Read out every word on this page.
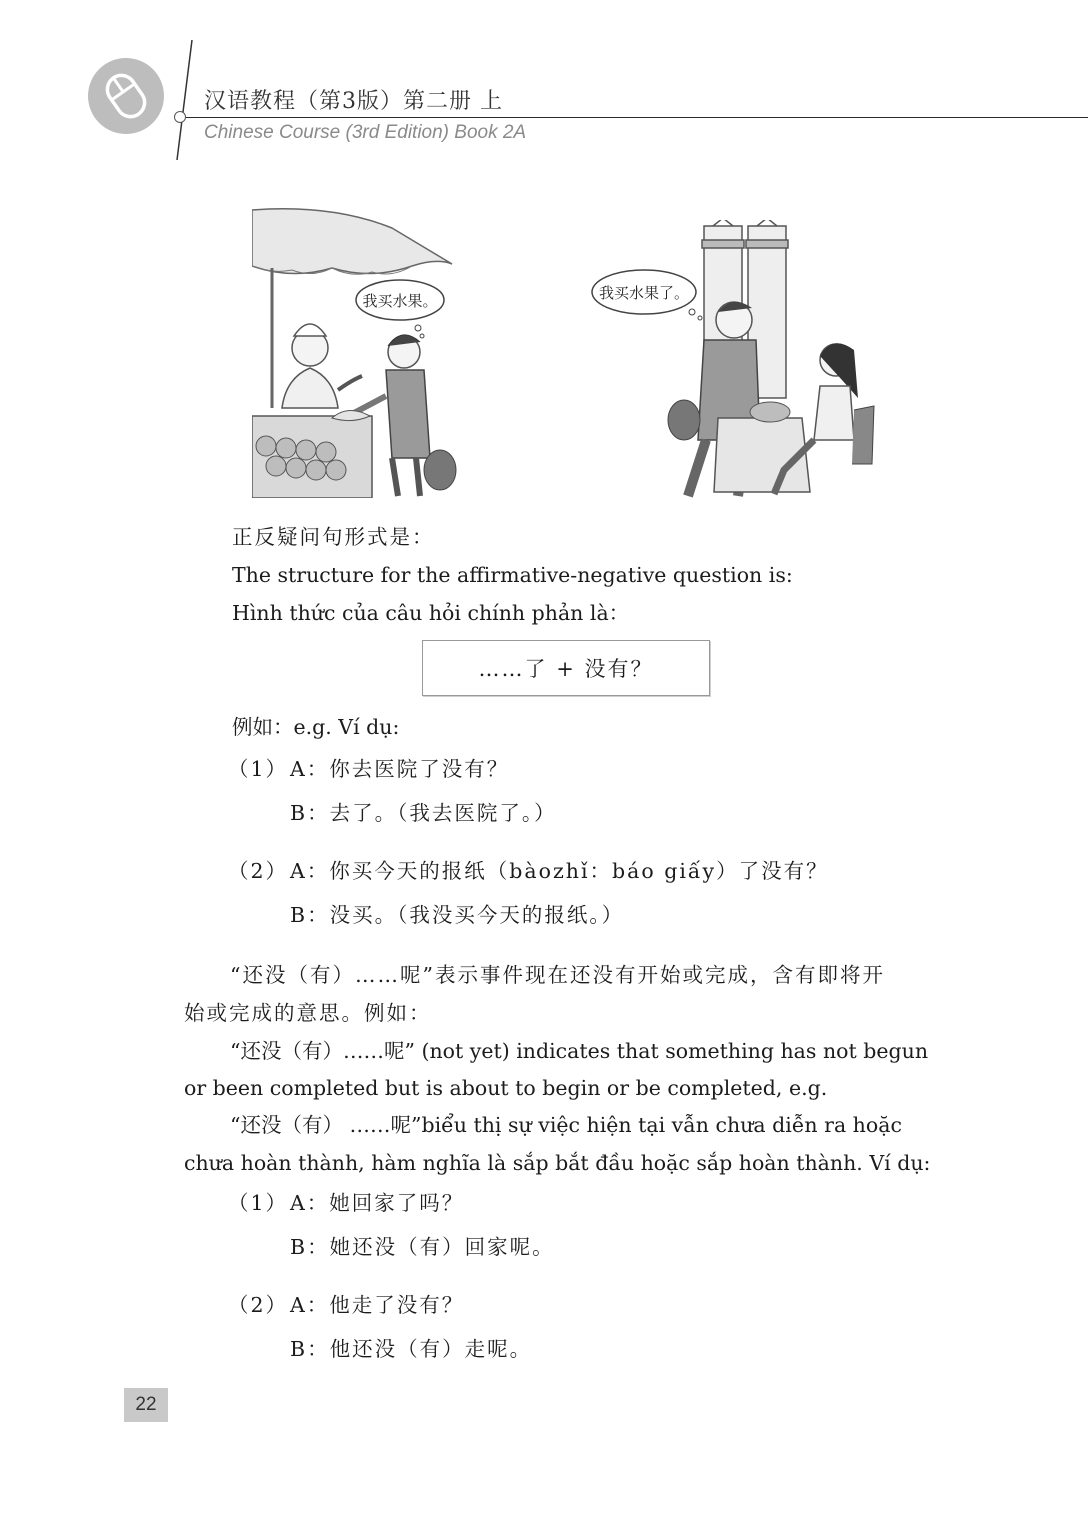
汉语教程（第3版）第二册 上
Chinese Course (3rd Edition) Book 2A
我买水果。	我买水果了。
正反疑问句形式是：
The structure for the affirmative-negative question is:
Hình thức của câu hỏi chính phản là：
……了 + 没有？
例如：e.g. Ví dụ:
（1） A：你去医院了没有？
B：去了。（我去医院了。）
（2） A：你买今天的报纸（bàozhǐ：báo giấy）了没有？
B：没买。（我没买今天的报纸。）
“还没（有）……呢”表示事件现在还没有开始或完成，含有即将开
始或完成的意思。例如：
“还没（有）……呢” (not yet) indicates that something has not begun
or been completed but is about to begin or be completed, e.g.
“还没（有） ……呢”biểu thị sự việc hiện tại vẫn chưa diễn ra hoặc
chưa hoàn thành, hàm nghĩa là sắp bắt đầu hoặc sắp hoàn thành. Ví dụ:
（1） A：她回家了吗？
B：她还没（有）回家呢。
（2） A：他走了没有？
B：他还没（有）走呢。
22
